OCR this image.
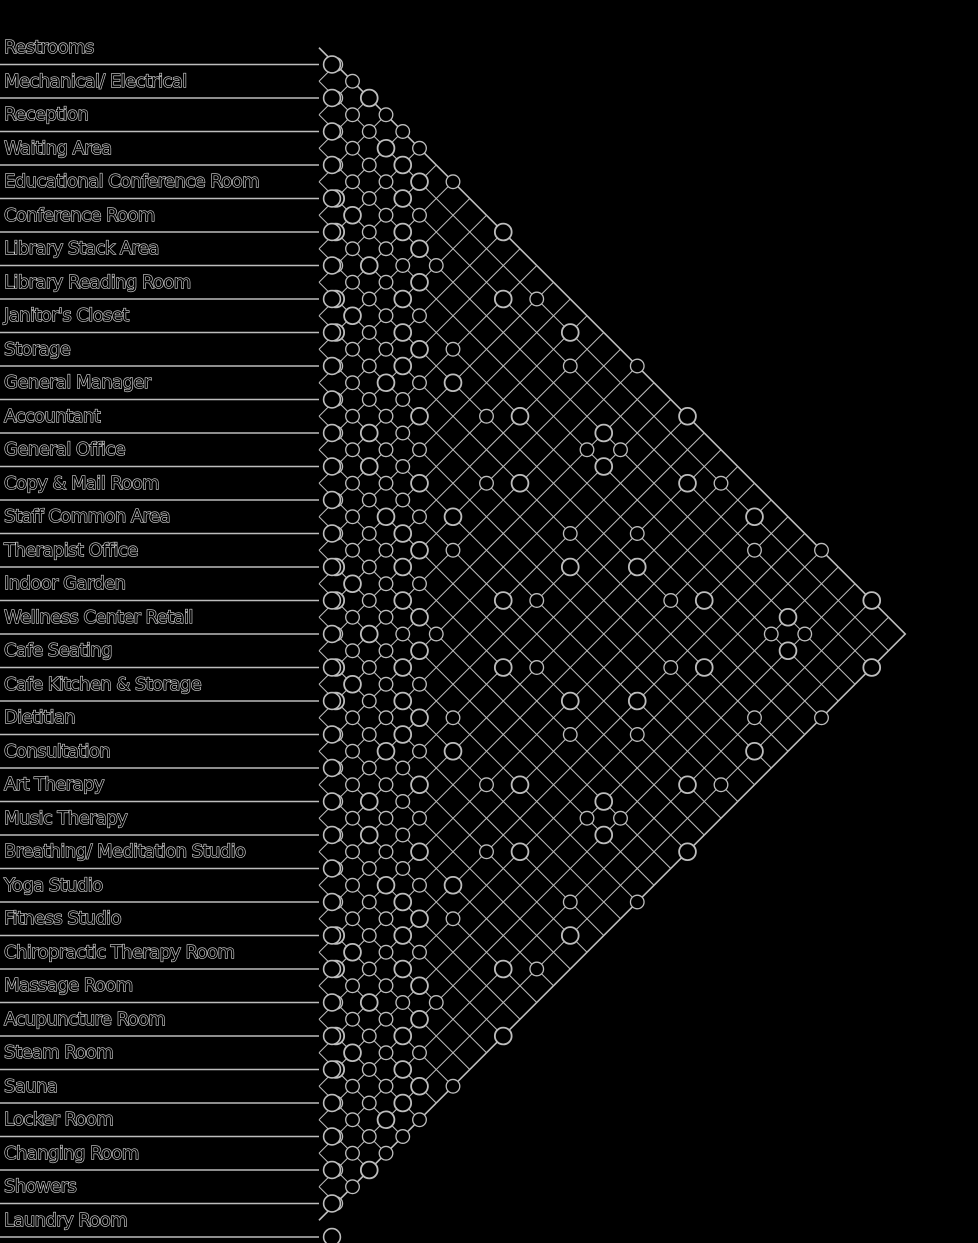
Restrooms
Mechanical/ Electrical
Reception
Waiting Area
Educational Conference Room
Conference Room
Library Stack Area
Library Reading Room
Janitor's Closet
Storage
General Manager
Accountant
General Office
Copy & Mail Room
Staff Common Area
Therapist Office
Indoor Garden
Wellness Center Retail
Cafe Seating
Cafe Kitchen & Storage
Dietitian
Consultation
Art Therapy
Music Therapy
Breathing/ Meditation Studio
Yoga Studio
Fitness Studio
Chiropractic Therapy Room
Massage Room
Acupuncture Room
Steam Room
Sauna
Locker Room
Changing Room
Showers
Laundry Room
